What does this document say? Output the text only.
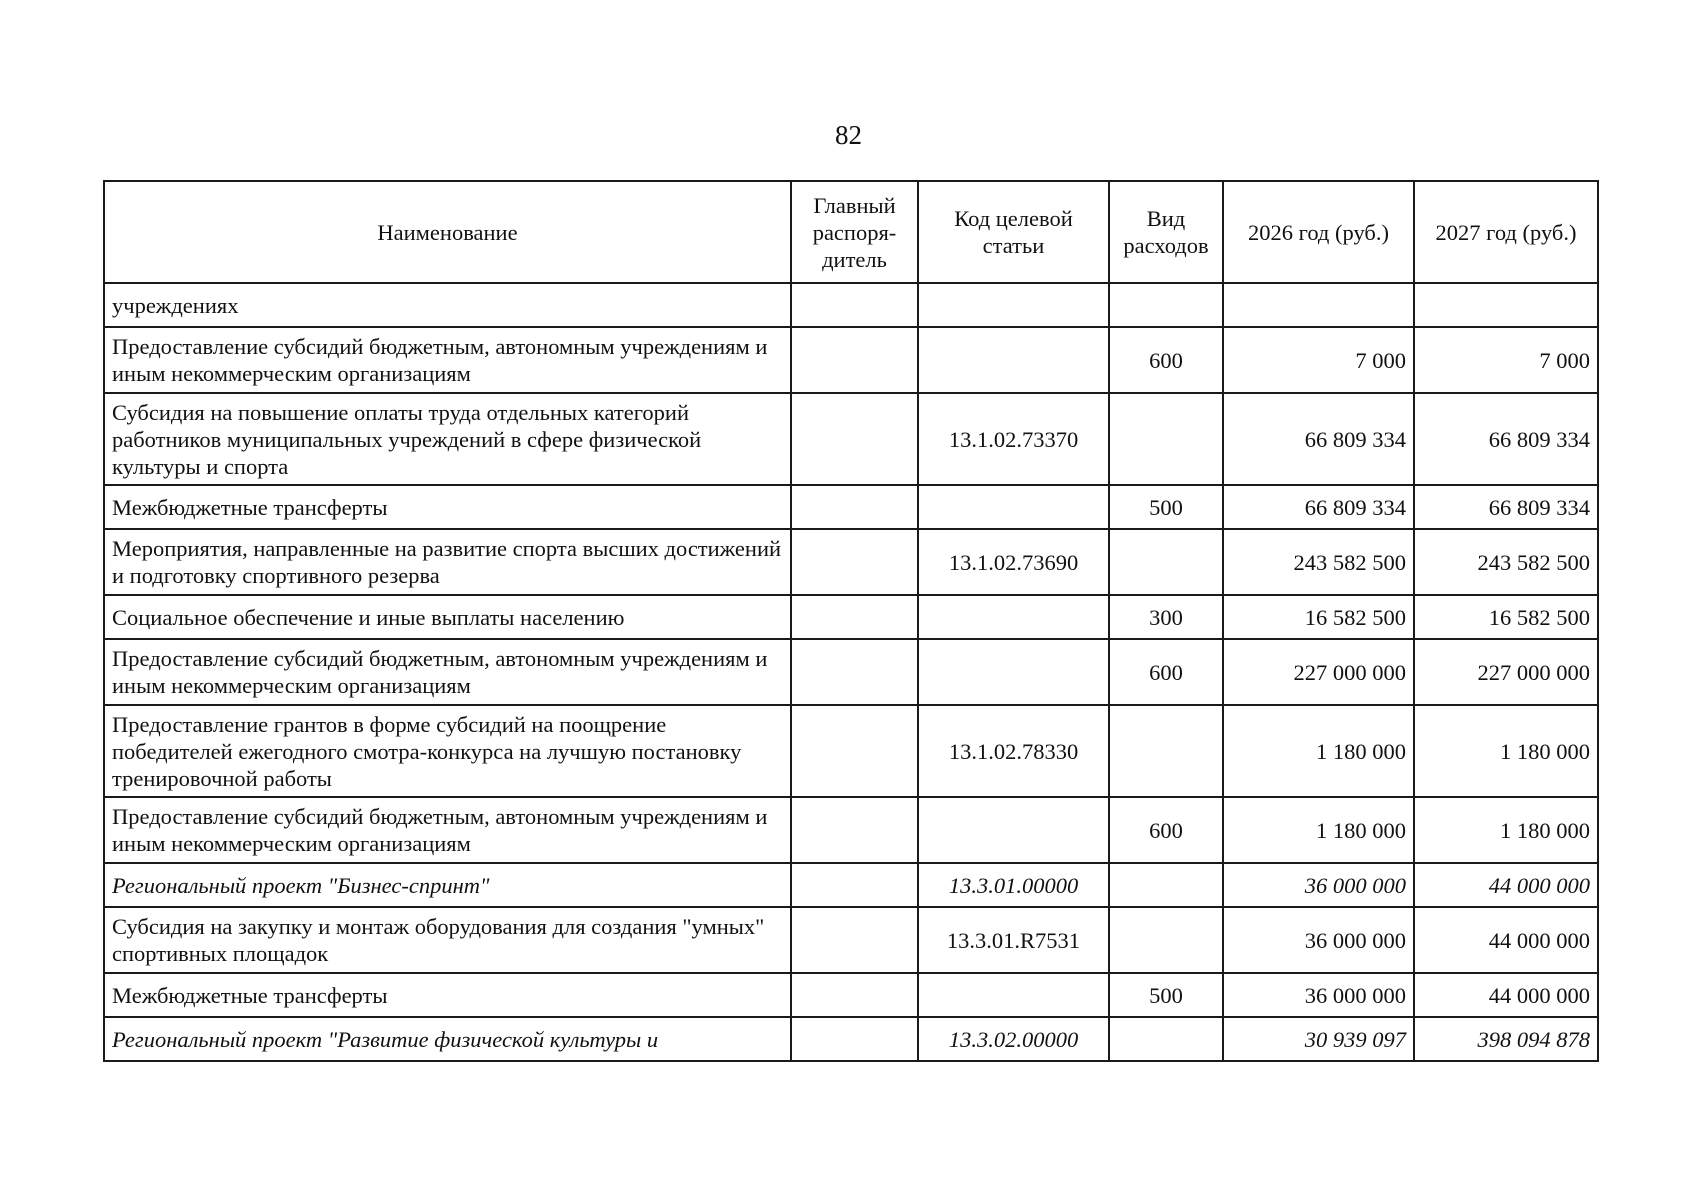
82
Наименование	Главный распоря-дитель	Код целевой статьи	Вид расходов	2026 год (руб.)	2027 год (руб.)
учреждениях					
Предоставление субсидий бюджетным, автономным учреждениям и иным некоммерческим организациям			600	7 000	7 000
Субсидия на повышение оплаты труда отдельных категорий работников муниципальных учреждений в сфере физической культуры и спорта		13.1.02.73370		66 809 334	66 809 334
Межбюджетные трансферты			500	66 809 334	66 809 334
Мероприятия, направленные на развитие спорта высших достижений и подготовку спортивного резерва		13.1.02.73690		243 582 500	243 582 500
Социальное обеспечение и иные выплаты населению			300	16 582 500	16 582 500
Предоставление субсидий бюджетным, автономным учреждениям и иным некоммерческим организациям			600	227 000 000	227 000 000
Предоставление грантов в форме субсидий на поощрение победителей ежегодного смотра-конкурса на лучшую постановку тренировочной работы		13.1.02.78330		1 180 000	1 180 000
Предоставление субсидий бюджетным, автономным учреждениям и иным некоммерческим организациям			600	1 180 000	1 180 000
Региональный проект "Бизнес-спринт"		13.3.01.00000		36 000 000	44 000 000
Субсидия на закупку и монтаж оборудования для создания "умных" спортивных площадок		13.3.01.R7531		36 000 000	44 000 000
Межбюджетные трансферты			500	36 000 000	44 000 000
Региональный проект "Развитие физической культуры и		13.3.02.00000		30 939 097	398 094 878
